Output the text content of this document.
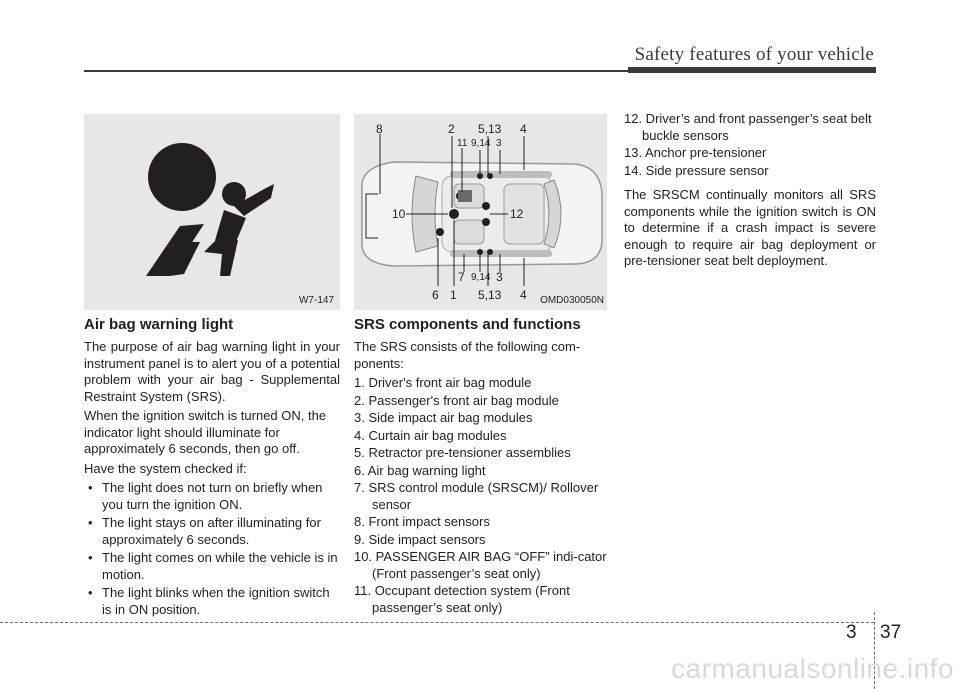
Safety features of your vehicle
W7-147
8	2 5,13 4
11 9,14 3
10	12
7 9,14 3
6 1 5,13 4 OMD030050N
Air bag warning light

The purpose of air bag warning light in your instrument panel is to alert you of a potential problem with your air bag - Supplemental Restraint System (SRS).

When the ignition switch is turned ON, the indicator light should illuminate for approximately 6 seconds, then go off.

Have the system checked if:

• The light does not turn on briefly when you turn the ignition ON.
• The light stays on after illuminating for approximately 6 seconds.
• The light comes on while the vehicle is in motion.
• The light blinks when the ignition switch is in ON position.
SRS components and functions

The SRS consists of the following com-ponents:

1. Driver's front air bag module
2. Passenger's front air bag module
3. Side impact air bag modules
4. Curtain air bag modules
5. Retractor pre-tensioner assemblies
6. Air bag warning light
7. SRS control module (SRSCM)/ Rollover sensor
8. Front impact sensors
9. Side impact sensors
10. PASSENGER AIR BAG “OFF” indi-cator (Front passenger’s seat only)
11. Occupant detection system (Front passenger’s seat only)
12. Driver’s and front passenger’s seat belt buckle sensors
13. Anchor pre-tensioner
14. Side pressure sensor

The SRSCM continually monitors all SRS components while the ignition switch is ON to determine if a crash impact is severe enough to require air bag deployment or pre-tensioner seat belt deployment.

3 37
carmanualsonline.info
